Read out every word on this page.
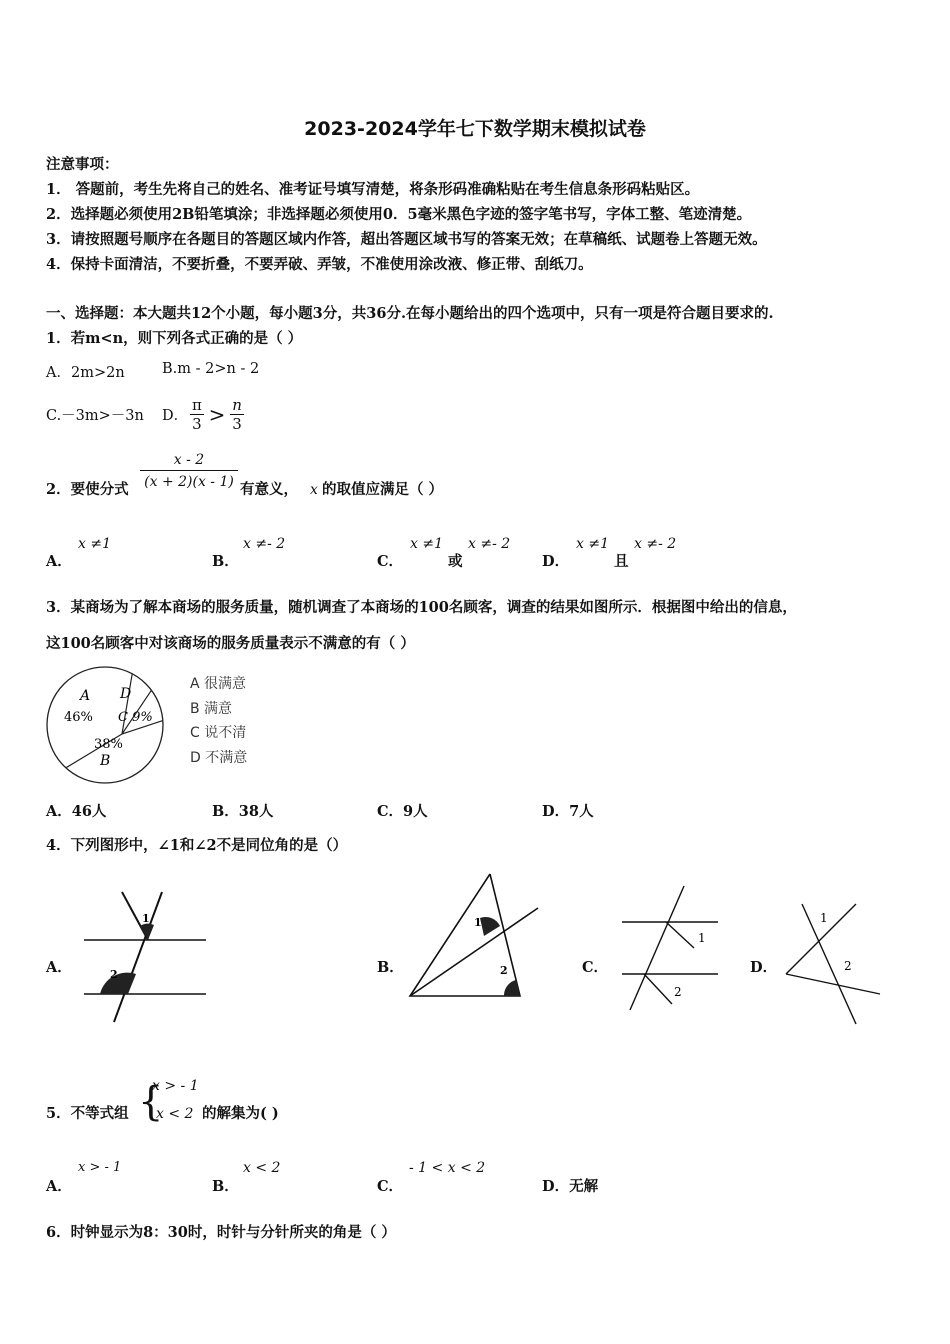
2023-2024学年七下数学期末模拟试卷
注意事项：
1． 答题前，考生先将自己的姓名、准考证号填写清楚，将条形码准确粘贴在考生信息条形码粘贴区。
2．选择题必须使用2B铅笔填涂；非选择题必须使用0．5毫米黑色字迹的签字笔书写，字体工整、笔迹清楚。
3．请按照题号顺序在各题目的答题区域内作答，超出答题区域书写的答案无效；在草稿纸、试题卷上答题无效。
4．保持卡面清洁，不要折叠，不要弄破、弄皱，不准使用涂改液、修正带、刮纸刀。
一、选择题：本大题共12个小题，每小题3分，共36分.在每小题给出的四个选项中，只有一项是符合题目要求的.
1．若m<n，则下列各式正确的是（ ）
A．2m>2n	B.m - 2>n - 2
C.－3m>－3n D． $\frac{\pi}{3} > \frac{n}{3}$
2．要使分式 $\frac{x - 2}{(x + 2)(x - 1)}$ 有意义， x 的取值应满足（ ）
A．
x ≠1
B．
x ≠- 2
C．
x ≠1
或
x ≠- 2
D．
x ≠1
且
x ≠- 2
3．某商场为了解本商场的服务质量，随机调查了本商场的100名顾客，调查的结果如图所示．根据图中给出的信息，
这100名顾客中对该商场的服务质量表示不满意的有（ ）
A
46%
D
C 9%
38%
B
A 很满意
B 满意
C 说不清
D 不满意
A．46人	B．38人	C．9人	D．7人
4．下列图形中，∠1和∠2不是同位角的是（）
A．
1
2	B．
1
2	C．
1
2
D．
1
2
5．不等式组 {
x > - 1
x < 2 的解集为( )
A．
x > - 1
B．
x < 2
C．
- 1 < x < 2
D．无解
6．时钟显示为8：30时，时针与分针所夹的角是（ ）
